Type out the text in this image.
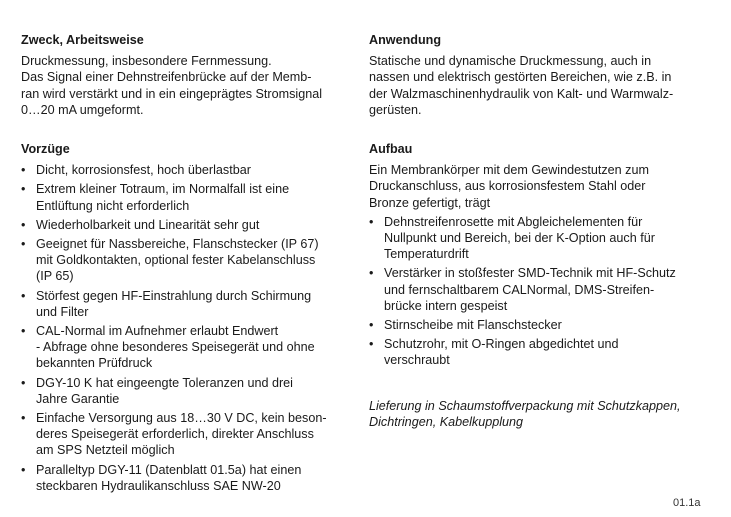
Zweck, Arbeitsweise

Druckmessung, insbesondere Fernmessung.
Das Signal einer Dehnstreifenbrücke auf der Memb-
ran wird verstärkt und in ein eingeprägtes Stromsignal
0…20 mA umgeformt.

Vorzüge
• Dicht, korrosionsfest, hoch überlastbar
• Extrem kleiner Totraum, im Normalfall ist eine
Entlüftung nicht erforderlich
• Wiederholbarkeit und Linearität sehr gut
• Geeignet für Nassbereiche, Flanschstecker (IP 67)
mit Goldkontakten, optional fester Kabelanschluss
(IP 65)
• Störfest gegen HF-Einstrahlung durch Schirmung
und Filter
• CAL-Normal im Aufnehmer erlaubt Endwert
- Abfrage ohne besonderes Speisegerät und ohne
bekannten Prüfdruck
• DGY-10 K hat eingeengte Toleranzen und drei
Jahre Garantie
• Einfache Versorgung aus 18…30 V DC, kein beson-
deres Speisegerät erforderlich, direkter Anschluss
am SPS Netzteil möglich
• Paralleltyp DGY-11 (Datenblatt 01.5a) hat einen
steckbaren Hydraulikanschluss SAE NW-20
Anwendung

Statische und dynamische Druckmessung, auch in
nassen und elektrisch gestörten Bereichen, wie z.B. in
der Walzmaschinenhydraulik von Kalt- und Warmwalz-
gerüsten.

Aufbau

Ein Membrankörper mit dem Gewindestutzen zum
Druckanschluss, aus korrosionsfestem Stahl oder
Bronze gefertigt, trägt

• Dehnstreifenrosette mit Abgleichelementen für
Nullpunkt und Bereich, bei der K-Option auch für
Temperaturdrift
• Verstärker in stoßfester SMD-Technik mit HF-Schutz
und fernschaltbarem CALNormal, DMS-Streifen-
brücke intern gespeist
• Stirnscheibe mit Flanschstecker
• Schutzrohr, mit O-Ringen abgedichtet und
verschraubt

Lieferung in Schaumstoffverpackung mit Schutzkappen,
Dichtringen, Kabelkupplung

01.1a
